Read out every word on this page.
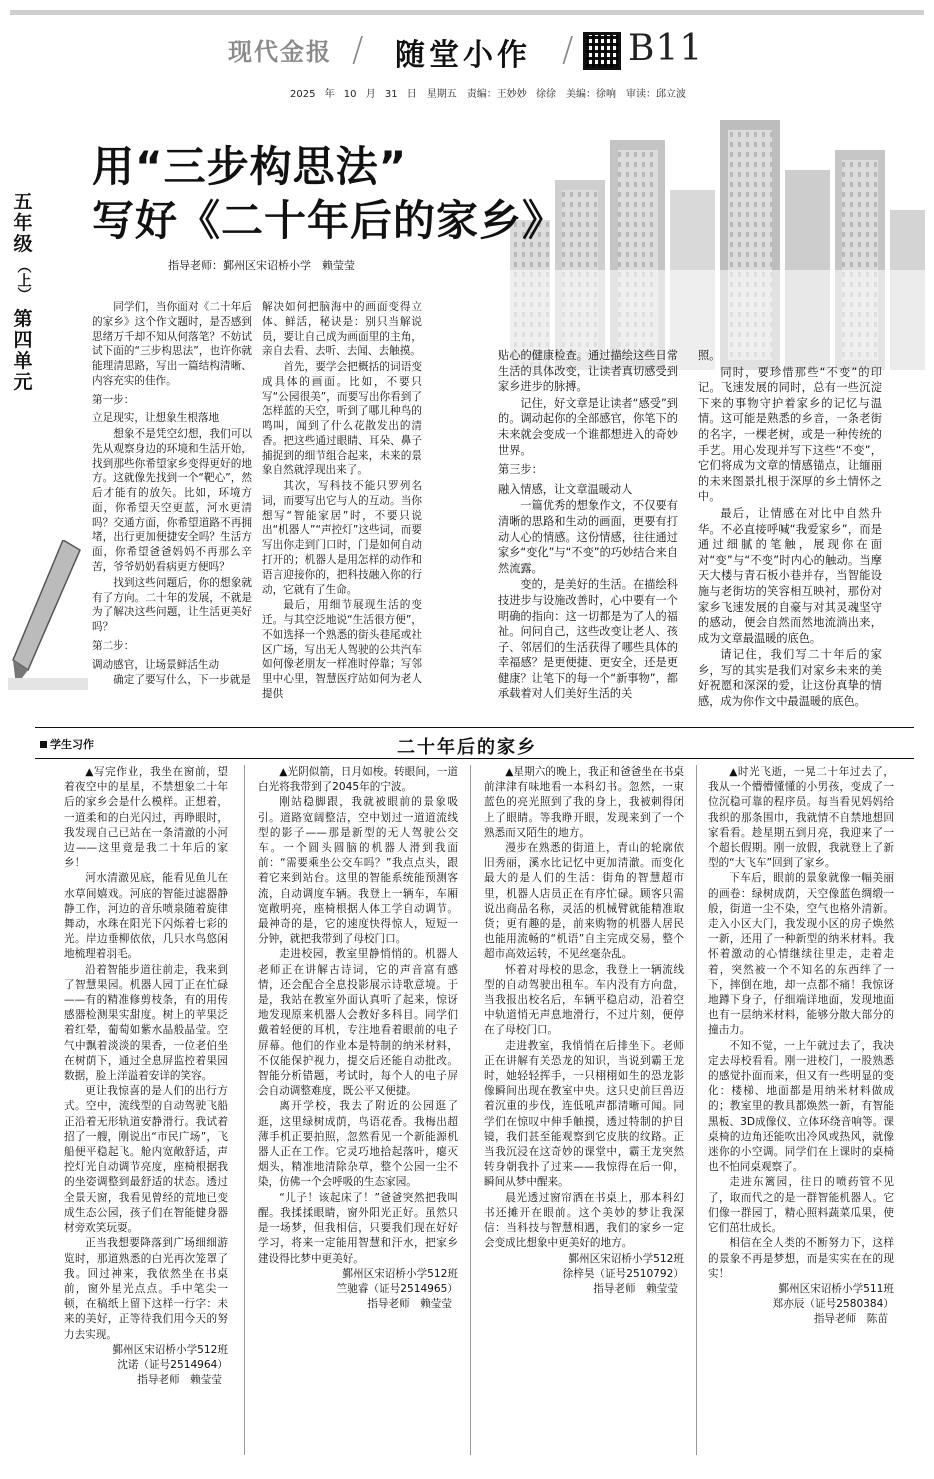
现代金报 / 随堂小作 / B11
2025 年 10 月 31 日　星期五　责编：王妙妙 徐徐　美编：徐响　审读：邱立波
五
年
级
（上）
第
四
单
元
用“三步构思法”
写好《二十年后的家乡》
指导老师：鄞州区宋诏桥小学　赖莹莹

同学们，当你面对《二十年后的家乡》这个作文题时，是否感到思绪万千却不知从何落笔？不妨试试下面的“三步构思法”，也许你就能理清思路，写出一篇结构清晰、内容充实的佳作。

第一步：

立足现实，让想象生根落地

想象不是凭空幻想，我们可以先从观察身边的环境和生活开始，找到那些你希望家乡变得更好的地方。这就像先找到一个“靶心”，然后才能有的放矢。比如，环境方面，你希望天空更蓝，河水更清吗？交通方面，你希望道路不再拥堵，出行更加便捷安全吗？生活方面，你希望爸爸妈妈不再那么辛苦，爷爷奶奶看病更方便吗？

找到这些问题后，你的想象就有了方向。二十年的发展，不就是为了解决这些问题，让生活更美好吗？

第二步：

调动感官，让场景鲜活生动

确定了要写什么，下一步就是

解决如何把脑海中的画面变得立体、鲜活，秘诀是：别只当解说员，要让自己成为画面里的主角，亲自去看、去听、去闻、去触摸。

首先，要学会把概括的词语变成具体的画面。比如，不要只写“公园很美”，而要写出你看到了怎样蓝的天空，听到了哪儿种鸟的鸣叫，闻到了什么花散发出的清香。把这些通过眼睛、耳朵、鼻子捕捉到的细节组合起来，未来的景象自然就浮现出来了。

其次，写科技不能只罗列名词，而要写出它与人的互动。当你想写“智能家居”时，不要只说出“机器人”“声控灯”这些词，而要写出你走到门口时，门是如何自动打开的；机器人是用怎样的动作和语言迎接你的，把科技融入你的行动，它就有了生命。

最后，用细节展现生活的变迁。与其空泛地说“生活很方便”，不如选择一个熟悉的街头巷尾或社区广场，写出无人驾驶的公共汽车如何像老朋友一样准时停靠；写邻里中心里，智慧医疗站如何为老人提供

贴心的健康检查。通过描绘这些日常生活的具体改变，让读者真切感受到家乡进步的脉搏。

记住，好文章是让读者“感受”到的。调动起你的全部感官，你笔下的未来就会变成一个谁都想进入的奇妙世界。

第三步：

融入情感，让文章温暖动人

一篇优秀的想象作文，不仅要有清晰的思路和生动的画面，更要有打动人心的情感。这份情感，往往通过家乡“变化”与“不变”的巧妙结合来自然流露。

变的，是美好的生活。在描绘科技进步与设施改善时，心中要有一个明确的指向：这一切都是为了人的福祉。问问自己，这些改变让老人、孩子、邻居们的生活获得了哪些具体的幸福感？是更便捷、更安全，还是更健康？让笔下的每一个“新事物”，都承载着对人们美好生活的关

照。

同时，要珍惜那些“不变”的印记。飞速发展的同时，总有一些沉淀下来的事物守护着家乡的记忆与温情。这可能是熟悉的乡音，一条老街的名字，一棵老树，或是一种传统的手艺。用心发现并写下这些“不变”，它们将成为文章的情感锚点，让缅丽的未来图景扎根于深厚的乡土情怀之中。

最后，让情感在对比中自然升华。不必直接呼喊“我爱家乡”，而是通过细腻的笔触，展现你在面对“变”与“不变”时内心的触动。当摩天大楼与青石板小巷并存，当智能设施与老街坊的笑容相互映衬，那份对家乡飞速发展的自豪与对其灵魂坚守的感动，便会自然而然地流淌出来，成为文章最温暖的底色。

请记住，我们写二十年后的家乡，写的其实是我们对家乡未来的美好祝愿和深深的爱，让这份真挚的情感，成为你作文中最温暖的底色。

学生习作	二十年后的家乡

▲写完作业，我坐在窗前，望着夜空中的星星，不禁想象二十年后的家乡会是什么模样。正想着，一道柔和的白光闪过，再睁眼时，我发现自己已站在一条清澈的小河边——这里竟是我二十年后的家乡！

河水清澈见底，能看见鱼儿在水草间嬉戏。河底的智能过滤器静静工作，河边的音乐喷泉随着旋律舞动，水珠在阳光下闪烁着七彩的光。岸边垂柳依依，几只水鸟悠闲地梳理着羽毛。

沿着智能步道往前走，我来到了智慧果园。机器人园丁正在忙碌——有的精准修剪枝条，有的用传感器检测果实甜度。树上的苹果泛着红晕，葡萄如紫水晶般晶莹。空气中飘着淡淡的果香，一位老伯坐在树荫下，通过全息屏监控着果园数据，脸上洋溢着安详的笑容。

更让我惊喜的是人们的出行方式。空中，流线型的自动驾驶飞船正沿着无形轨道安静滑行。我试着招了一艘，刚说出“市民广场”，飞船便平稳起飞。舱内宽敞舒适，声控灯光自动调节亮度，座椅根据我的坐姿调整到最舒适的状态。透过全景天窗，我看见曾经的荒地已变成生态公园，孩子们在智能健身器材旁欢笑玩耍。

正当我想要降落到广场细细游览时，那道熟悉的白光再次笼罩了我。回过神来，我依然坐在书桌前，窗外星光点点。手中笔尖一顿，在稿纸上留下这样一行字：未来的美好，正等待我们用今天的努力去实现。

鄞州区宋诏桥小学512班

沈诺（证号2514964）

指导老师　赖莹莹

▲光阴似箭，日月如梭。转眼间，一道白光将我带到了2045年的宁波。

刚站稳脚跟，我就被眼前的景象吸引。道路宽阔整洁，空中划过一道道流线型的影子——那是新型的无人驾驶公交车。一个圆头圆脑的机器人滑到我面前：“需要乘坐公交车吗？”我点点头，跟着它来到站台。这里的智能系统能预测客流，自动调度车辆。我登上一辆车，车厢宽敞明亮，座椅根据人体工学自动调节。最神奇的是，它的速度快得惊人，短短一分钟，就把我带到了母校门口。

走进校园，教室里静悄悄的。机器人老师正在讲解古诗词，它的声音富有感情，还会配合全息投影展示诗歌意境。于是，我站在教室外面认真听了起来，惊讶地发现原来机器人会教好多科目。同学们戴着轻便的耳机，专注地看着眼前的电子屏幕。他们的作业本是特制的纳米材料，不仅能保护视力，提交后还能自动批改。智能分析错题，考试时，每个人的电子屏会自动调整难度，既公平又便捷。

离开学校，我去了附近的公园逛了逛，这里绿树成荫，鸟语花香。我梅出超薄手机正要拍照，忽然看见一个新能源机器人正在工作。它灵巧地拾起落叶，瘪灭烟头，精准地清除杂草，整个公园一尘不染，仿佛一个会呼吸的生态家园。

“儿子！该起床了！”爸爸突然把我叫醒。我揉揉眼睛，窗外阳光正好。虽然只是一场梦，但我相信，只要我们现在好好学习，将来一定能用智慧和汗水，把家乡建设得比梦中更美好。

鄞州区宋诏桥小学512班

竺驰睿（证号2514965）

指导老师　赖莹莹

▲星期六的晚上，我正和爸爸坐在书桌前津津有味地看一本科幻书。忽然，一束蓝色的亮光照到了我的身上，我被刺得闭上了眼睛。等我睁开眼，发现来到了一个熟悉而又陌生的地方。

漫步在熟悉的街道上，青山的轮廓依旧秀丽，溪水比记忆中更加清澈。而变化最大的是人们的生活：街角的智慧超市里，机器人店员正在有序忙碌。顾客只需说出商品名称，灵活的机械臂就能精准取货；更有趣的是，前来购物的机器人居民也能用流畅的“机语”自主完成交易，整个超市高效运转，不见丝毫杂乱。

怀着对母校的思念，我登上一辆流线型的自动驾驶出租车。车内没有方向盘，当我报出校名后，车辆平稳启动，沿着空中轨道悄无声息地滑行，不过片刻，便停在了母校门口。

走进教室，我悄悄在后排坐下。老师正在讲解有关恐龙的知识，当说到霸王龙时，她轻轻挥手，一只栩栩如生的恐龙影像瞬间出现在教室中央。这只史前巨兽迈着沉重的步伐，连低吼声都清晰可闻。同学们在惊叹中伸手触摸，透过特制的护目镜，我们甚至能观察到它皮肤的纹路。正当我沉浸在这奇妙的课堂中，霸王龙突然转身朝我扑了过来——我惊得在后一仰，瞬间从梦中醒来。

晨光透过窗帘洒在书桌上，那本科幻书还摊开在眼前。这个美妙的梦让我深信：当科技与智慧相遇，我们的家乡一定会变成比想象中更美好的地方。

鄞州区宋诏桥小学512班

徐梓昊（证号2510792）

指导老师　赖莹莹

▲时光飞逝，一晃二十年过去了，我从一个懵懵懂懂的小男孩，变成了一位沉稳可靠的程序员。每当看见妈妈给我织的那条围巾，我就情不自禁地想回家看看。趁星期五到月亮，我迎来了一个超长假期。刚一放假，我就登上了新型的“大飞车”回到了家乡。

下车后，眼前的景象就像一幅美丽的画卷：绿树成荫，天空像蓝色绸缎一般，街道一尘不染，空气也格外清新。走入小区大门，我发现小区的房子焕然一新，还用了一种新型的纳米材料。我怀着激动的心情继续往里走，走着走着，突然被一个不知名的东西绊了一下，摔倒在地，却一点都不痛！我惊讶地蹲下身子，仔细端详地面，发现地面也有一层纳米材料，能够分散大部分的撞击力。

不知不觉，一上午就过去了，我决定去母校看看。刚一进校门，一股熟悉的感觉扑面而来，但又有一些明显的变化：楼梯、地面都是用纳米材料做成的；教室里的教具都焕然一新，有智能黑板、3D成像仪、立体环绕音响等。课桌椅的边角还能吹出冷风或热风，就像迷你的小空调。同学们在上课时的桌椅也不怕同桌观察了。

走进东篱园，往日的喷药管不见了，取而代之的是一群智能机器人。它们像一群园丁，精心照料蔬菜瓜果，使它们茁壮成长。

相信在全人类的不断努力下，这样的景象不再是梦想，而是实实在在的现实！

鄞州区宋诏桥小学511班

郑亦辰（证号2580384）

指导老师　陈苗
